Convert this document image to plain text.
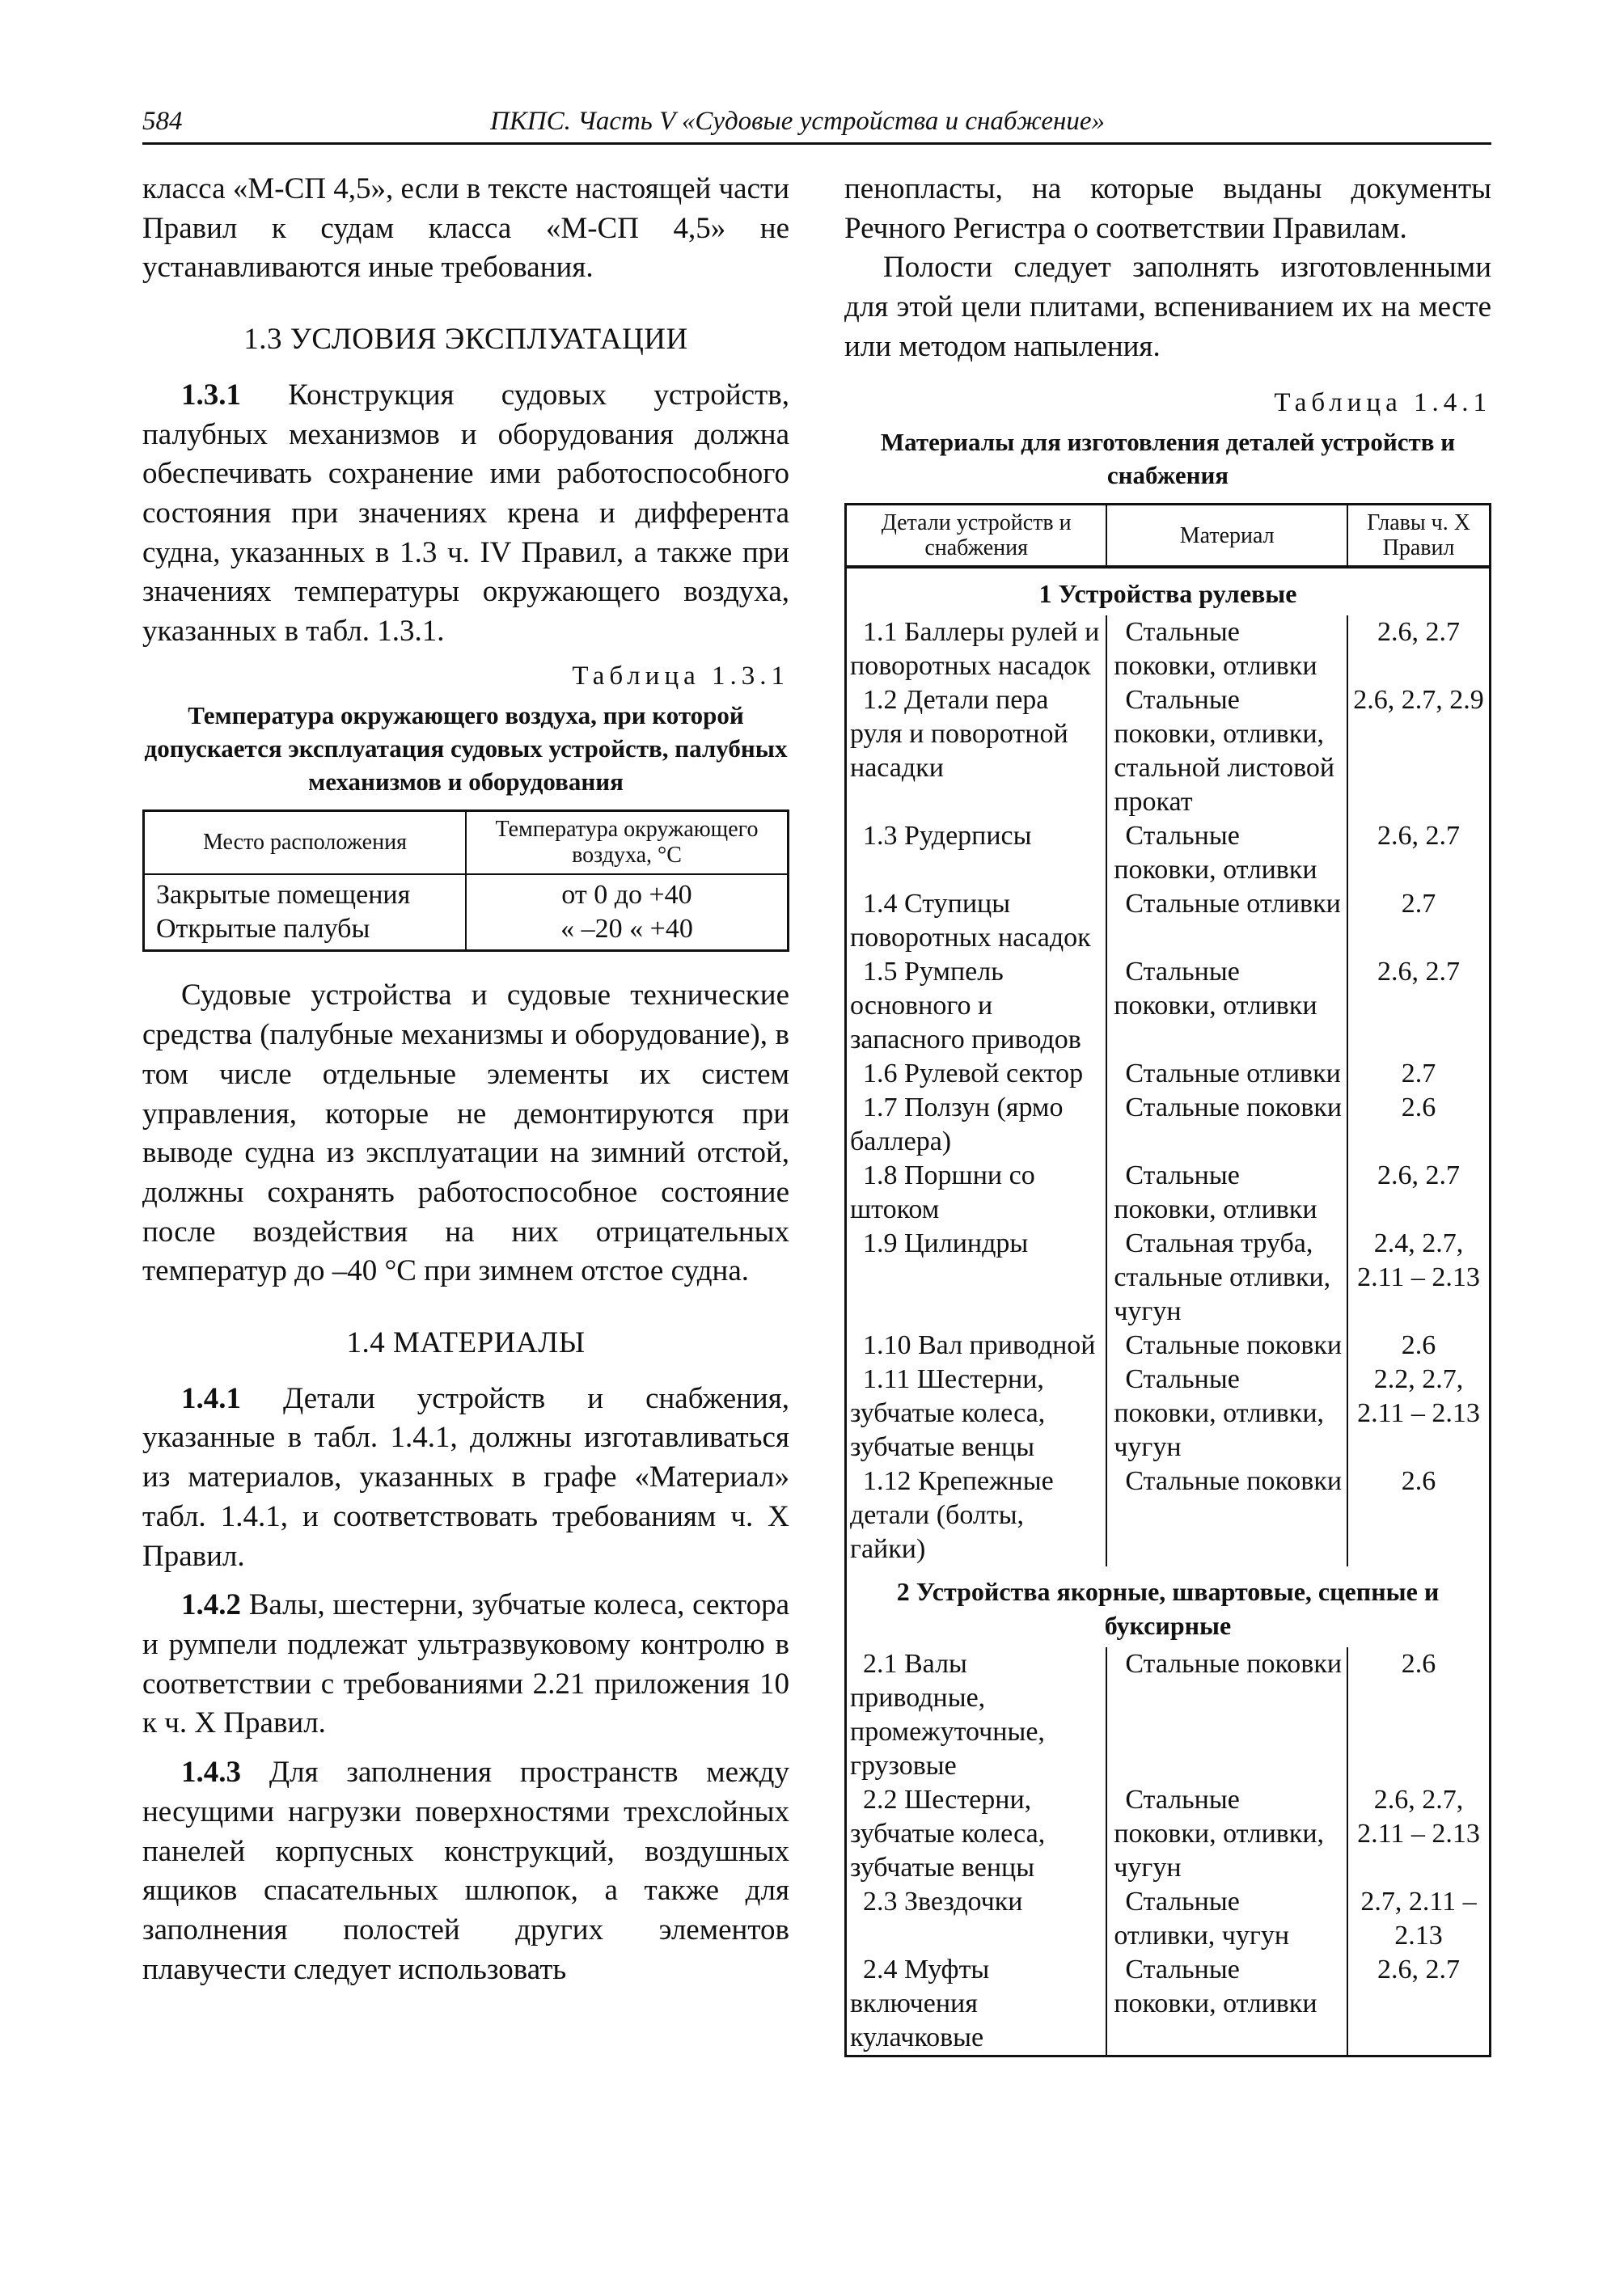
584	ПКПС. Часть V «Судовые устройства и снабжение»

класса «М-СП 4,5», если в тексте настоящей части Правил к судам класса «М-СП 4,5» не устанавливаются иные требования.

1.3 УСЛОВИЯ ЭКСПЛУАТАЦИИ

1.3.1 Конструкция судовых устройств, палубных механизмов и оборудования должна обеспечивать сохранение ими работоспособного состояния при значениях крена и дифферента судна, указанных в 1.3 ч. IV Правил, а также при значениях температуры окружающего воздуха, указанных в табл. 1.3.1.

Таблица 1.3.1
Температура окружающего воздуха, при которой допускается эксплуатация судовых устройств, палубных механизмов и оборудования
Место расположения	Температура окружающего воздуха, °С
Закрытые помещения	от 0 до +40
Открытые палубы	« –20 « +40

Судовые устройства и судовые технические средства (палубные механизмы и оборудование), в том числе отдельные элементы их систем управления, которые не демонтируются при выводе судна из эксплуатации на зимний отстой, должны сохранять работоспособное состояние после воздействия на них отрицательных температур до –40 °С при зимнем отстое судна.

1.4 МАТЕРИАЛЫ

1.4.1 Детали устройств и снабжения, указанные в табл. 1.4.1, должны изготавливаться из материалов, указанных в графе «Материал» табл. 1.4.1, и соответствовать требованиям ч. X Правил.

1.4.2 Валы, шестерни, зубчатые колеса, сектора и румпели подлежат ультразвуковому контролю в соответствии с требованиями 2.21 приложения 10 к ч. X Правил.

1.4.3 Для заполнения пространств между несущими нагрузки поверхностями трехслойных панелей корпусных конструкций, воздушных ящиков спасательных шлюпок, а также для заполнения полостей других элементов плавучести следует использовать

пенопласты, на которые выданы документы Речного Регистра о соответствии Правилам.

Полости следует заполнять изготовленными для этой цели плитами, вспениванием их на месте или методом напыления.

Таблица 1.4.1
Материалы для изготовления деталей устройств и снабжения
Детали устройств и снабжения	Материал	Главы ч. X Правил
1 Устройства рулевые		
1.1 Баллеры рулей и поворотных насадок	Стальные поковки, отливки	2.6, 2.7
1.2 Детали пера руля и поворотной насадки	Стальные поковки, отливки, стальной листовой прокат	2.6, 2.7, 2.9
1.3 Рудерписы	Стальные поковки, отливки	2.6, 2.7
1.4 Ступицы поворотных насадок	Стальные отливки	2.7
1.5 Румпель основного и запасного приводов	Стальные поковки, отливки	2.6, 2.7
1.6 Рулевой сектор	Стальные отливки	2.7
1.7 Ползун (ярмо баллера)	Стальные поковки	2.6
1.8 Поршни со штоком	Стальные поковки, отливки	2.6, 2.7
1.9 Цилиндры	Стальная труба, стальные отливки, чугун	2.4, 2.7, 2.11 – 2.13
1.10 Вал приводной	Стальные поковки	2.6
1.11 Шестерни, зубчатые колеса, зубчатые венцы	Стальные поковки, отливки, чугун	2.2, 2.7, 2.11 – 2.13
1.12 Крепежные детали (болты, гайки)	Стальные поковки	2.6
2 Устройства якорные, швартовые, сцепные и буксирные		
2.1 Валы приводные, промежуточные, грузовые	Стальные поковки	2.6
2.2 Шестерни, зубчатые колеса, зубчатые венцы	Стальные поковки, отливки, чугун	2.6, 2.7, 2.11 – 2.13
2.3 Звездочки	Стальные отливки, чугун	2.7, 2.11 – 2.13
2.4 Муфты включения кулачковые	Стальные поковки, отливки	2.6, 2.7
